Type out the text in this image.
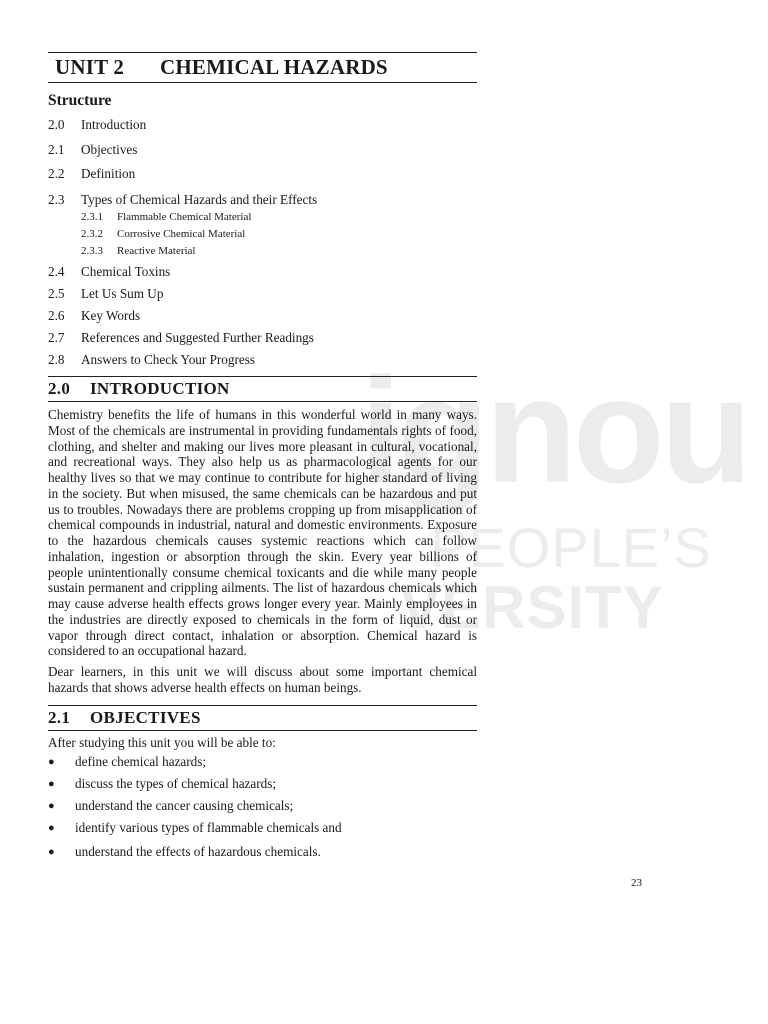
ignou
PEOPLE’S
VERSITY
UNIT 2	CHEMICAL HAZARDS
Structure
2.0	Introduction
2.1	Objectives
2.2	Definition
2.3	Types of Chemical Hazards and their Effects
2.3.1	Flammable Chemical Material
2.3.2	Corrosive Chemical Material
2.3.3	Reactive Material
2.4	Chemical Toxins
2.5	Let Us Sum Up
2.6	Key Words
2.7	References and Suggested Further Readings
2.8	Answers to Check Your Progress
2.0	INTRODUCTION

Chemistry benefits the life of humans in this wonderful world in many ways. Most of the chemicals are instrumental in providing fundamentals rights of food, clothing, and shelter and making our lives more pleasant in cultural, vocational, and recreational ways. They also help us as pharmacological agents for our healthy lives so that we may continue to contribute for higher standard of living in the society. But when misused, the same chemicals can be hazardous and put us to troubles. Nowadays there are problems cropping up from misapplication of chemical compounds in industrial, natural and domestic environments. Exposure to the hazardous chemicals causes systemic reactions which can follow inhalation, ingestion or absorption through the skin. Every year billions of people unintentionally consume chemical toxicants and die while many people sustain permanent and crippling ailments. The list of hazardous chemicals which may cause adverse health effects grows longer every year. Mainly employees in the industries are directly exposed to chemicals in the form of liquid, dust or vapor through direct contact, inhalation or absorption. Chemical hazard is considered to an occupational hazard.

Dear learners, in this unit we will discuss about some important chemical hazards that shows adverse health effects on human beings.

2.1	OBJECTIVES

After studying this unit you will be able to:

●	define chemical hazards;
●	discuss the types of chemical hazards;
●	understand the cancer causing chemicals;
●	identify various types of flammable chemicals and
●	understand the effects of hazardous chemicals.
23
